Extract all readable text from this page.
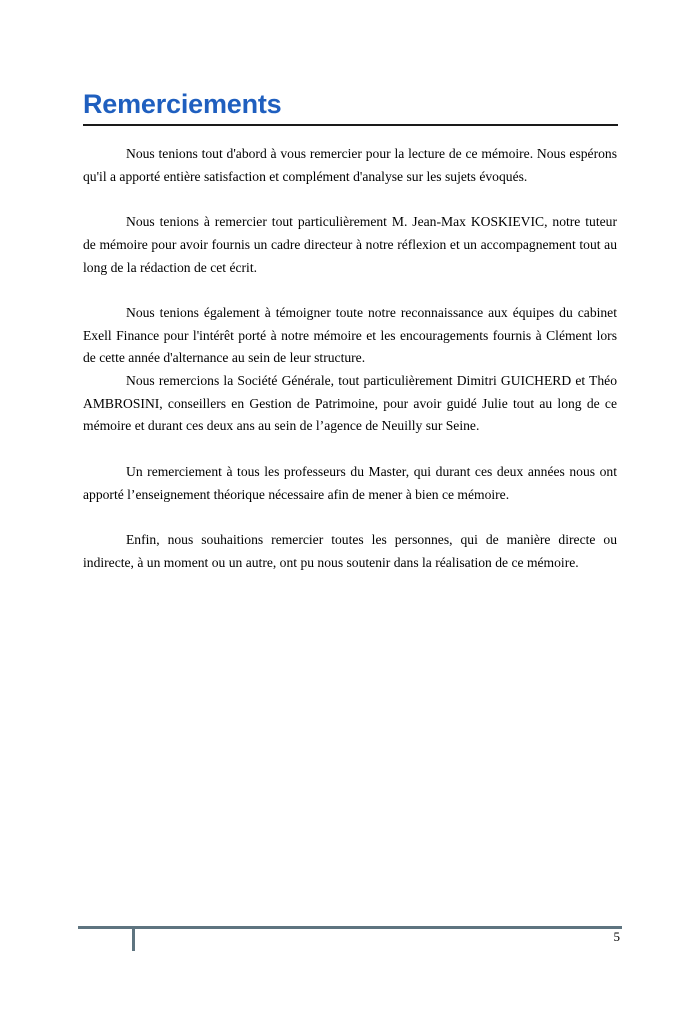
Remerciements

Nous tenions tout d'abord à vous remercier pour la lecture de ce mémoire. Nous espérons qu'il a apporté entière satisfaction et complément d'analyse sur les sujets évoqués.

Nous tenions à remercier tout particulièrement M. Jean-Max KOSKIEVIC, notre tuteur de mémoire pour avoir fournis un cadre directeur à notre réflexion et un accompagnement tout au long de la rédaction de cet écrit.

Nous tenions également à témoigner toute notre reconnaissance aux équipes du cabinet Exell Finance pour l'intérêt porté à notre mémoire et les encouragements fournis à Clément lors de cette année d'alternance au sein de leur structure.

Nous remercions la Société Générale, tout particulièrement Dimitri GUICHERD et Théo AMBROSINI, conseillers en Gestion de Patrimoine, pour avoir guidé Julie tout au long de ce mémoire et durant ces deux ans au sein de l’agence de Neuilly sur Seine.

Un remerciement à tous les professeurs du Master, qui durant ces deux années nous ont apporté l’enseignement théorique nécessaire afin de mener à bien ce mémoire.

Enfin, nous souhaitions remercier toutes les personnes, qui de manière directe ou indirecte, à un moment ou un autre, ont pu nous soutenir dans la réalisation de ce mémoire.

5
